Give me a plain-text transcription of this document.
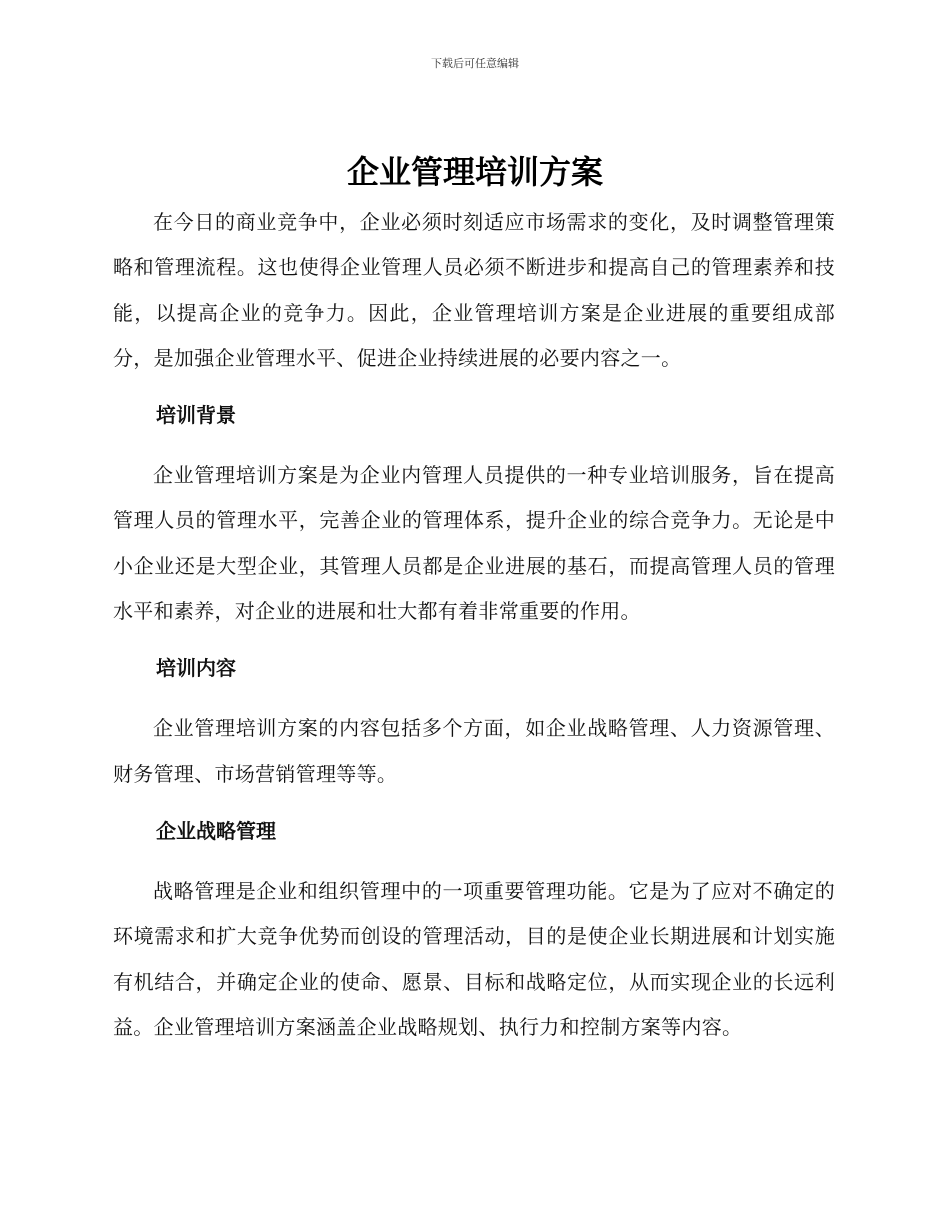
下载后可任意编辑
企业管理培训方案

在今日的商业竞争中，企业必须时刻适应市场需求的变化，及时调整管理策略和管理流程。这也使得企业管理人员必须不断进步和提高自己的管理素养和技能，以提高企业的竞争力。因此，企业管理培训方案是企业进展的重要组成部分，是加强企业管理水平、促进企业持续进展的必要内容之一。

培训背景

企业管理培训方案是为企业内管理人员提供的一种专业培训服务，旨在提高管理人员的管理水平，完善企业的管理体系，提升企业的综合竞争力。无论是中小企业还是大型企业，其管理人员都是企业进展的基石，而提高管理人员的管理水平和素养，对企业的进展和壮大都有着非常重要的作用。

培训内容

企业管理培训方案的内容包括多个方面，如企业战略管理、人力资源管理、财务管理、市场营销管理等等。

企业战略管理

战略管理是企业和组织管理中的一项重要管理功能。它是为了应对不确定的环境需求和扩大竞争优势而创设的管理活动，目的是使企业长期进展和计划实施有机结合，并确定企业的使命、愿景、目标和战略定位，从而实现企业的长远利益。企业管理培训方案涵盖企业战略规划、执行力和控制方案等内容。
